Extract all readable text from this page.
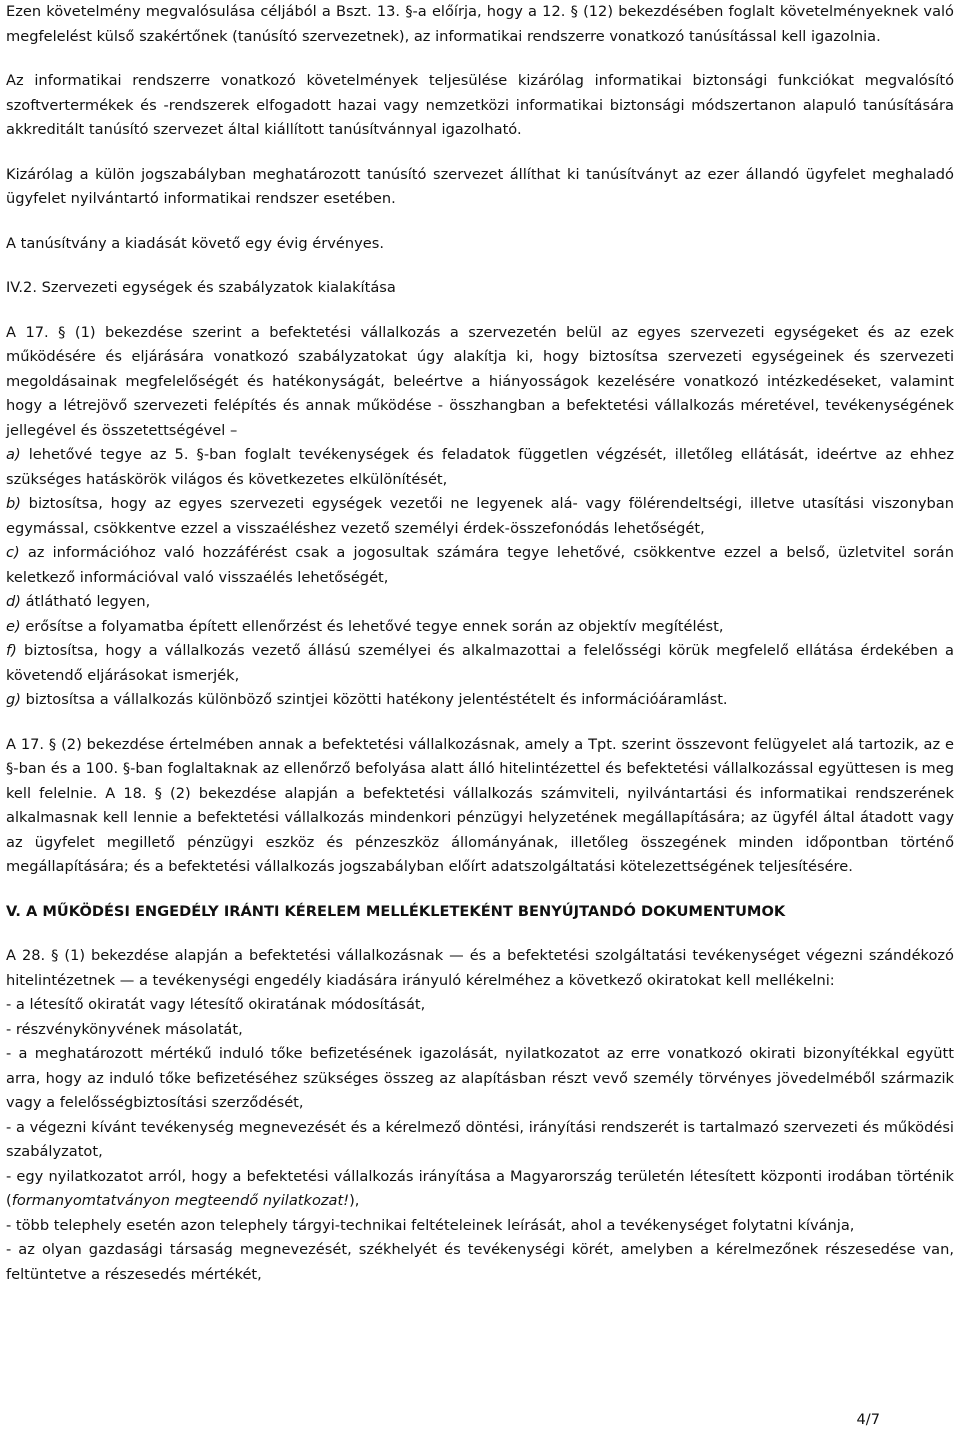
Ezen követelmény megvalósulása céljából a Bszt. 13. §-a előírja, hogy a 12. § (12) bekezdésében foglalt követelményeknek való megfelelést külső szakértőnek (tanúsító szervezetnek), az informatikai rendszerre vonatkozó tanúsítással kell igazolnia.

Az informatikai rendszerre vonatkozó követelmények teljesülése kizárólag informatikai biztonsági funkciókat megvalósító szoftvertermékek és -rendszerek elfogadott hazai vagy nemzetközi informatikai biztonsági módszertanon alapuló tanúsítására akkreditált tanúsító szervezet által kiállított tanúsítvánnyal igazolható.

Kizárólag a külön jogszabályban meghatározott tanúsító szervezet állíthat ki tanúsítványt az ezer állandó ügyfelet meghaladó ügyfelet nyilvántartó informatikai rendszer esetében.

A tanúsítvány a kiadását követő egy évig érvényes.

IV.2. Szervezeti egységek és szabályzatok kialakítása

A 17. § (1) bekezdése szerint a befektetési vállalkozás a szervezetén belül az egyes szervezeti egységeket és az ezek működésére és eljárására vonatkozó szabályzatokat úgy alakítja ki, hogy biztosítsa szervezeti egységeinek és szervezeti megoldásainak megfelelőségét és hatékonyságát, beleértve a hiányosságok kezelésére vonatkozó intézkedéseket, valamint hogy a létrejövő szervezeti felépítés és annak működése - összhangban a befektetési vállalkozás méretével, tevékenységének jellegével és összetettségével –

a) lehetővé tegye az 5. §-ban foglalt tevékenységek és feladatok független végzését, illetőleg ellátását, ideértve az ehhez szükséges hatáskörök világos és következetes elkülönítését,

b) biztosítsa, hogy az egyes szervezeti egységek vezetői ne legyenek alá- vagy fölérendeltségi, illetve utasítási viszonyban egymással, csökkentve ezzel a visszaéléshez vezető személyi érdek-összefonódás lehetőségét,

c) az információhoz való hozzáférést csak a jogosultak számára tegye lehetővé, csökkentve ezzel a belső, üzletvitel során keletkező információval való visszaélés lehetőségét,

d) átlátható legyen,

e) erősítse a folyamatba épített ellenőrzést és lehetővé tegye ennek során az objektív megítélést,

f) biztosítsa, hogy a vállalkozás vezető állású személyei és alkalmazottai a felelősségi körük megfelelő ellátása érdekében a követendő eljárásokat ismerjék,

g) biztosítsa a vállalkozás különböző szintjei közötti hatékony jelentéstételt és információáramlást.

A 17. § (2) bekezdése értelmében annak a befektetési vállalkozásnak, amely a Tpt. szerint összevont felügyelet alá tartozik, az e §-ban és a 100. §-ban foglaltaknak az ellenőrző befolyása alatt álló hitelintézettel és befektetési vállalkozással együttesen is meg kell felelnie. A 18. § (2) bekezdése alapján a befektetési vállalkozás számviteli, nyilvántartási és informatikai rendszerének alkalmasnak kell lennie a befektetési vállalkozás mindenkori pénzügyi helyzetének megállapítására; az ügyfél által átadott vagy az ügyfelet megillető pénzügyi eszköz és pénzeszköz állományának, illetőleg összegének minden időpontban történő megállapítására; és a befektetési vállalkozás jogszabályban előírt adatszolgáltatási kötelezettségének teljesítésére.

V. A MŰKÖDÉSI ENGEDÉLY IRÁNTI KÉRELEM MELLÉKLETEKÉNT BENYÚJTANDÓ DOKUMENTUMOK

A 28. § (1) bekezdése alapján a befektetési vállalkozásnak — és a befektetési szolgáltatási tevékenységet végezni szándékozó hitelintézetnek — a tevékenységi engedély kiadására irányuló kérelméhez a következő okiratokat kell mellékelni:

- a létesítő okiratát vagy létesítő okiratának módosítását,

- részvénykönyvének másolatát,

- a meghatározott mértékű induló tőke befizetésének igazolását, nyilatkozatot az erre vonatkozó okirati bizonyítékkal együtt arra, hogy az induló tőke befizetéséhez szükséges összeg az alapításban részt vevő személy törvényes jövedelméből származik vagy a felelősségbiztosítási szerződését,

- a végezni kívánt tevékenység megnevezését és a kérelmező döntési, irányítási rendszerét is tartalmazó szervezeti és működési szabályzatot,

- egy nyilatkozatot arról, hogy a befektetési vállalkozás irányítása a Magyarország területén létesített központi irodában történik (formanyomtatványon megteendő nyilatkozat!),

- több telephely esetén azon telephely tárgyi-technikai feltételeinek leírását, ahol a tevékenységet folytatni kívánja,

- az olyan gazdasági társaság megnevezését, székhelyét és tevékenységi körét, amelyben a kérelmezőnek részesedése van, feltüntetve a részesedés mértékét,

4/7
